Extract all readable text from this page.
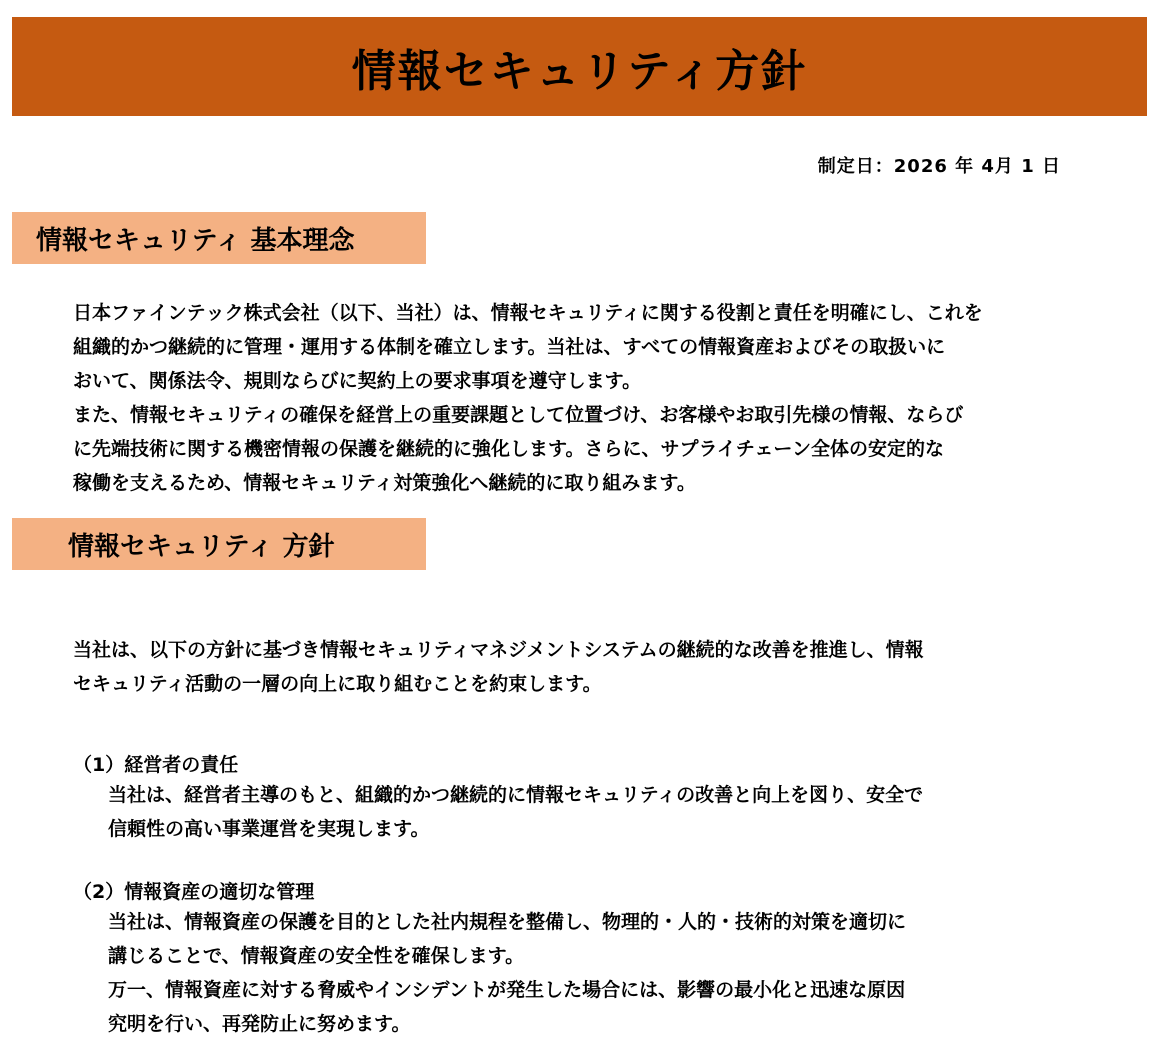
情報セキュリティ方針
制定日：2026 年 4月 1 日
情報セキュリティ 基本理念
日本ファインテック株式会社（以下、当社）は、情報セキュリティに関する役割と責任を明確にし、これを
組織的かつ継続的に管理・運用する体制を確立します。当社は、すべての情報資産およびその取扱いに
おいて、関係法令、規則ならびに契約上の要求事項を遵守します。
また、情報セキュリティの確保を経営上の重要課題として位置づけ、お客様やお取引先様の情報、ならび
に先端技術に関する機密情報の保護を継続的に強化します。さらに、サプライチェーン全体の安定的な
稼働を支えるため、情報セキュリティ対策強化へ継続的に取り組みます。
情報セキュリティ 方針
当社は、以下の方針に基づき情報セキュリティマネジメントシステムの継続的な改善を推進し、情報
セキュリティ活動の一層の向上に取り組むことを約束します。
（1）経営者の責任
当社は、経営者主導のもと、組織的かつ継続的に情報セキュリティの改善と向上を図り、安全で
信頼性の高い事業運営を実現します。
（2）情報資産の適切な管理
当社は、情報資産の保護を目的とした社内規程を整備し、物理的・人的・技術的対策を適切に
講じることで、情報資産の安全性を確保します。
万一、情報資産に対する脅威やインシデントが発生した場合には、影響の最小化と迅速な原因
究明を行い、再発防止に努めます。
